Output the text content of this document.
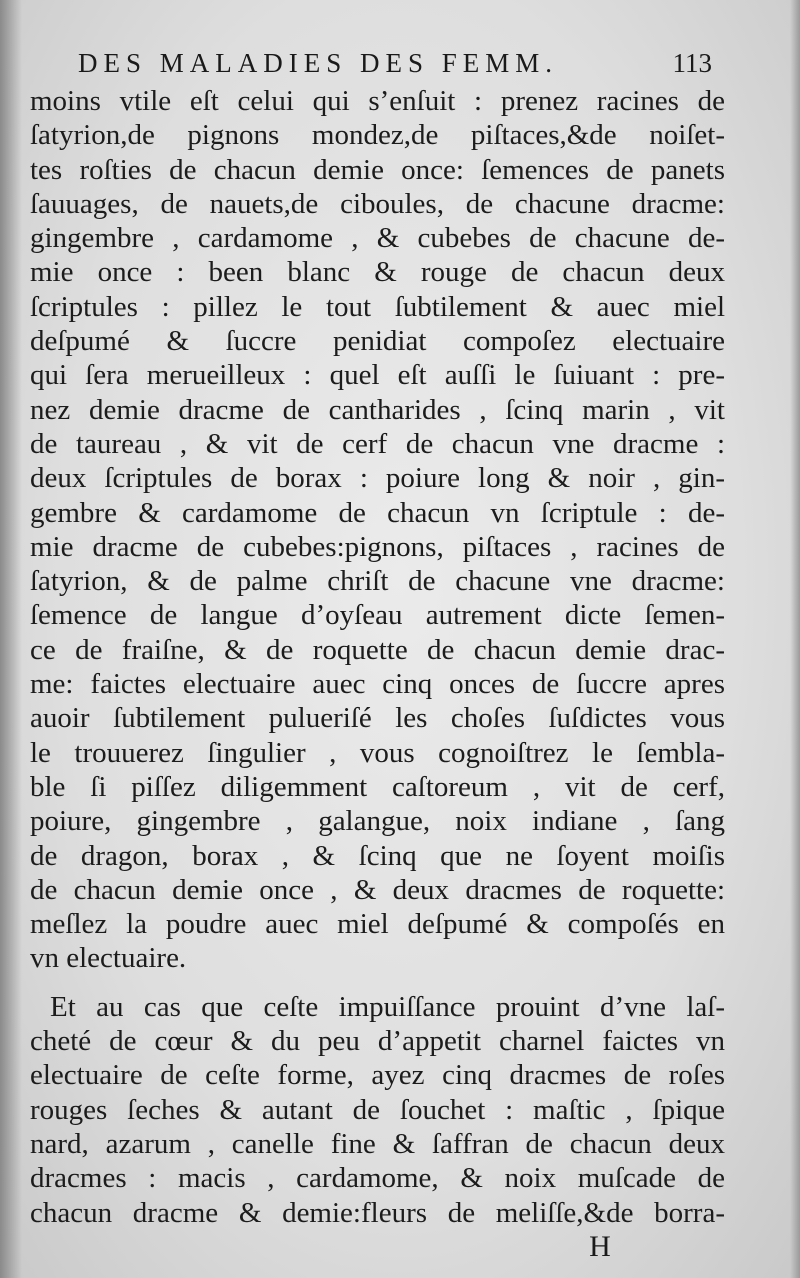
DES MALADIES DES FEMM.	113
moins vtile eſt celui qui s’enſuit : prenez racines de
ſatyrion,de pignons mondez,de piſtaces,&de noiſet-
tes roſties de chacun demie once: ſemences de panets
ſauuages, de nauets,de ciboules, de chacune dracme:
gingembre , cardamome , & cubebes de chacune de-
mie once : been blanc & rouge de chacun deux
ſcriptules : pillez le tout ſubtilement & auec miel
deſpumé & ſuccre penidiat compoſez electuaire
qui ſera merueilleux : quel eſt auſſi le ſuiuant : pre-
nez demie dracme de cantharides , ſcinq marin , vit
de taureau , & vit de cerf de chacun vne dracme :
deux ſcriptules de borax : poiure long & noir , gin-
gembre & cardamome de chacun vn ſcriptule : de-
mie dracme de cubebes:pignons, piſtaces , racines de
ſatyrion, & de palme chriſt de chacune vne dracme:
ſemence de langue d’oyſeau autrement dicte ſemen-
ce de fraiſne, & de roquette de chacun demie drac-
me: faictes electuaire auec cinq onces de ſuccre apres
auoir ſubtilement pulueriſé les choſes ſuſdictes vous
le trouuerez ſingulier , vous cognoiſtrez le ſembla-
ble ſi piſſez diligemment caſtoreum , vit de cerf,
poiure, gingembre , galangue, noix indiane , ſang
de dragon, borax , & ſcinq que ne ſoyent moiſis
de chacun demie once , & deux dracmes de roquette:
meſlez la poudre auec miel deſpumé & compoſés en
vn electuaire.
Et au cas que ceſte impuiſſance prouint d’vne laſ-
cheté de cœur & du peu d’appetit charnel faictes vn
electuaire de ceſte forme, ayez cinq dracmes de roſes
rouges ſeches & autant de ſouchet : maſtic , ſpique
nard, azarum , canelle fine & ſaffran de chacun deux
dracmes : macis , cardamome, & noix muſcade de
chacun dracme & demie:fleurs de meliſſe,&de borra-
H
